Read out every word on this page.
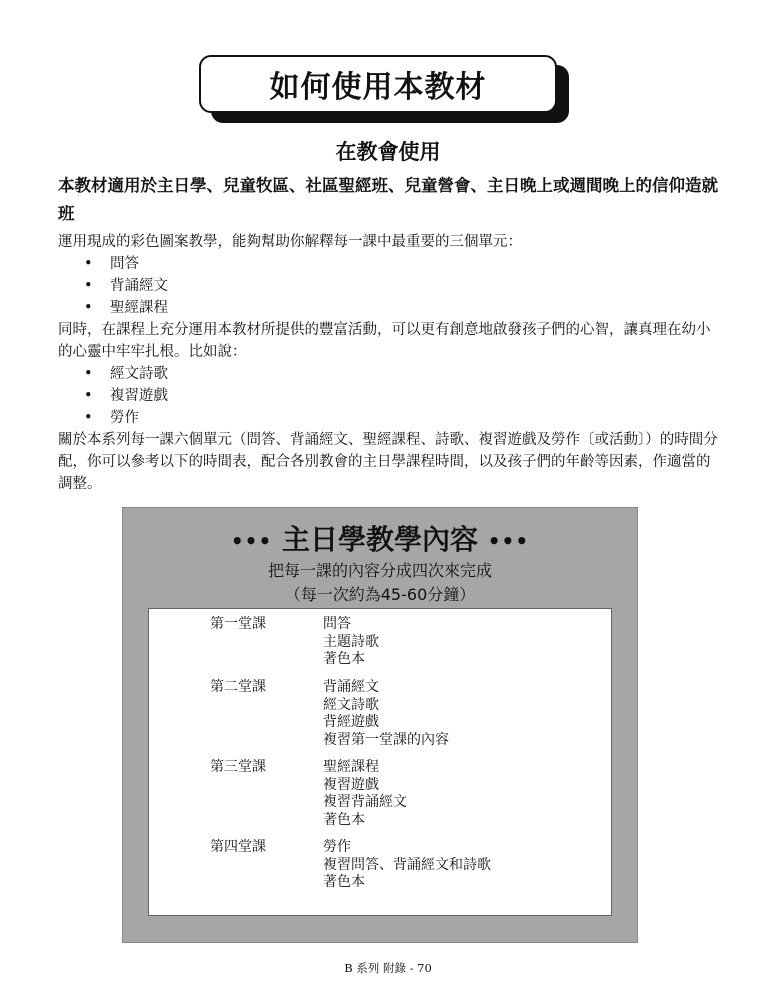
如何使用本教材
在教會使用
本教材適用於主日學、兒童牧區、社區聖經班、兒童營會、主日晚上或週間晚上的信仰造就班
運用現成的彩色圖案教學，能夠幫助你解釋每一課中最重要的三個單元：
•	問答
•	背誦經文
•	聖經課程
同時，在課程上充分運用本教材所提供的豐富活動，可以更有創意地啟發孩子們的心智，讓真理在幼小的心靈中牢牢扎根。比如說：
•	經文詩歌
•	複習遊戲
•	勞作
關於本系列每一課六個單元（問答、背誦經文、聖經課程、詩歌、複習遊戲及勞作〔或活動〕）的時間分配，你可以參考以下的時間表，配合各別教會的主日學課程時間，以及孩子們的年齡等因素，作適當的調整。
••• 主日學教學內容 •••
把每一課的內容分成四次來完成
（每一次約為45-60分鐘）
第一堂課	問答
主題詩歌
著色本
第二堂課	背誦經文
經文詩歌
背經遊戲
複習第一堂課的內容
第三堂課	聖經課程
複習遊戲
複習背誦經文
著色本
第四堂課	勞作
複習問答、背誦經文和詩歌
著色本
B 系列 附錄 - 70
